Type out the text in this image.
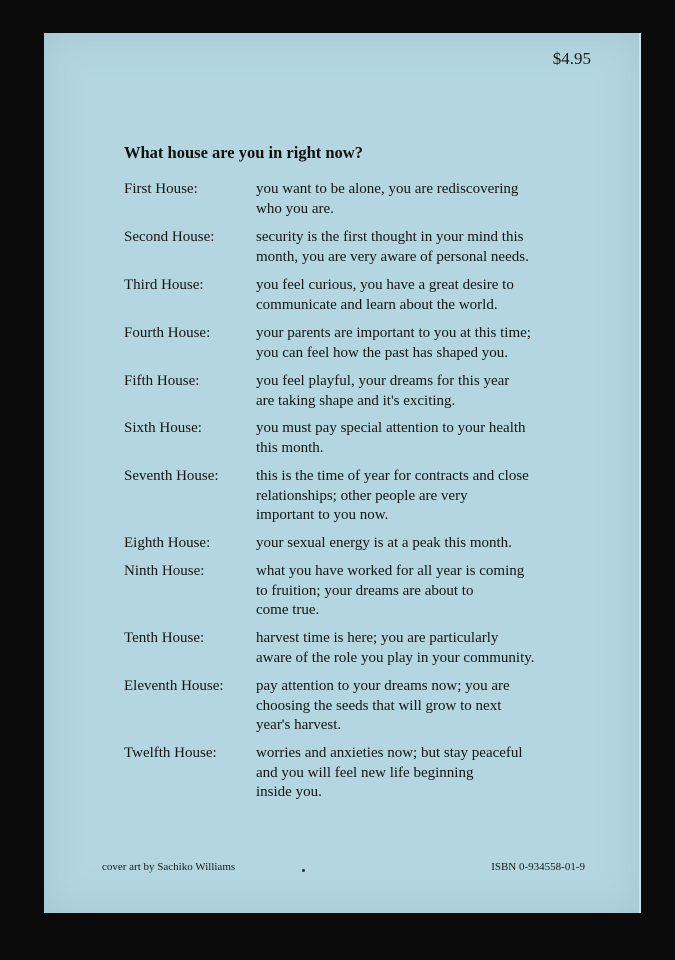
$4.95
What house are you in right now?
First House:	you want to be alone, you are rediscovering
who you are.
Second House:	security is the first thought in your mind this
month, you are very aware of personal needs.
Third House:	you feel curious, you have a great desire to
communicate and learn about the world.
Fourth House:	your parents are important to you at this time;
you can feel how the past has shaped you.
Fifth House:	you feel playful, your dreams for this year
are taking shape and it's exciting.
Sixth House:	you must pay special attention to your health
this month.
Seventh House:	this is the time of year for contracts and close
relationships; other people are very
important to you now.
Eighth House:	your sexual energy is at a peak this month.
Ninth House:	what you have worked for all year is coming
to fruition; your dreams are about to
come true.
Tenth House:	harvest time is here; you are particularly
aware of the role you play in your community.
Eleventh House:	pay attention to your dreams now; you are
choosing the seeds that will grow to next
year's harvest.
Twelfth House:	worries and anxieties now; but stay peaceful
and you will feel new life beginning
inside you.
cover art by Sachiko Williams	ISBN 0-934558-01-9
